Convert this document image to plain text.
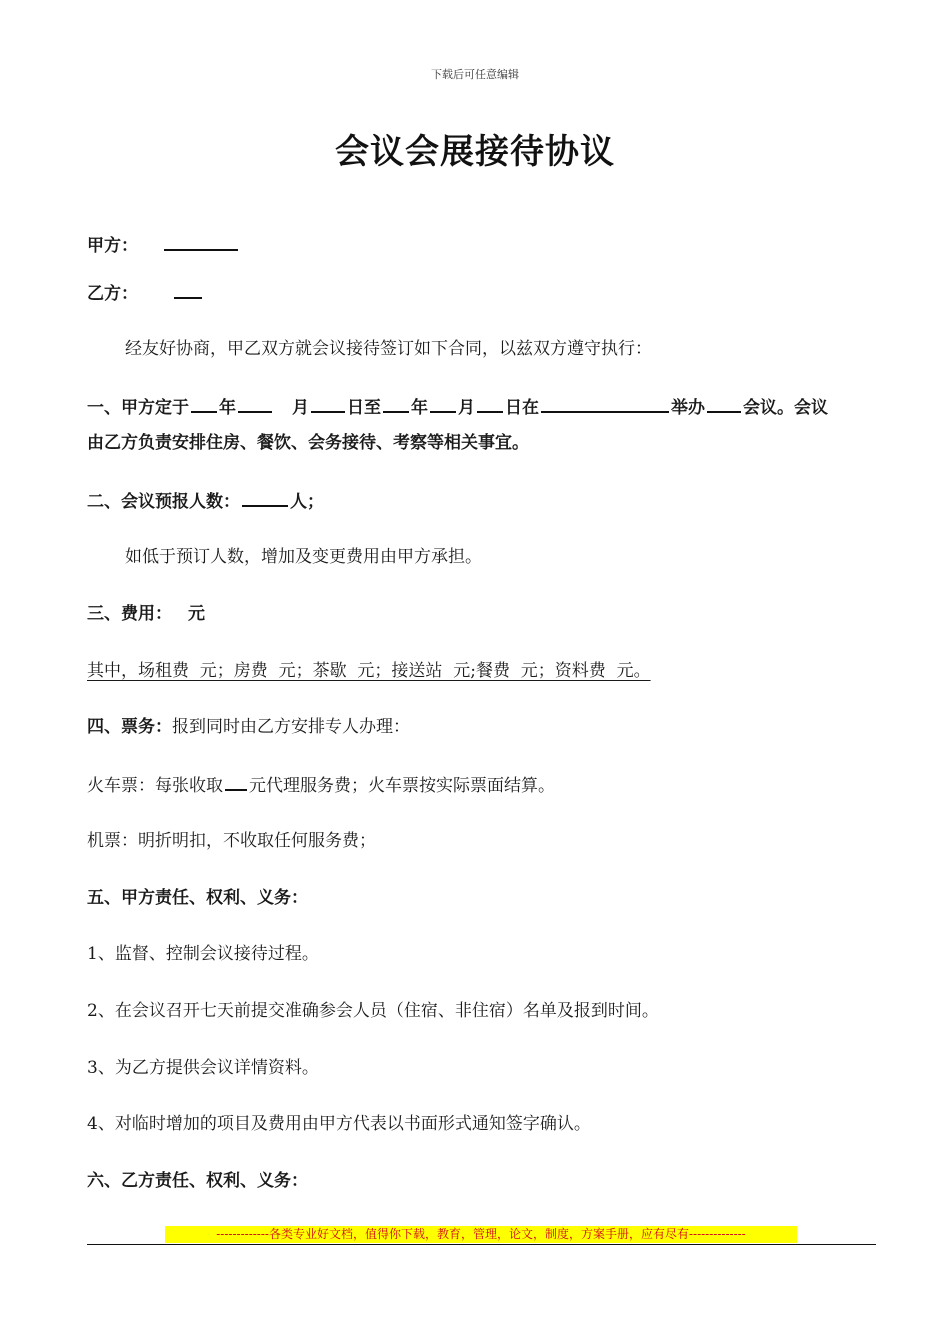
下载后可任意编辑
会议会展接待协议
甲方：
乙方：
经友好协商，甲乙双方就会议接待签订如下合同，以兹双方遵守执行：
一、甲方定于 年	月 日至 年 月 日在	举办 会议。会议
由乙方负责安排住房、餐饮、会务接待、考察等相关事宜。
二、会议预报人数：	人；
如低于预订人数，增加及变更费用由甲方承担。
三、费用： 元
其中，场租费  元；房费  元；茶歇  元；接送站  元;餐费  元；资料费  元。
四、票务：报到同时由乙方安排专人办理：
火车票：每张收取 元代理服务费；火车票按实际票面结算。
机票：明折明扣，不收取任何服务费；
五、甲方责任、权利、义务：
1、监督、控制会议接待过程。
2、在会议召开七天前提交准确参会人员（住宿、非住宿）名单及报到时间。
3、为乙方提供会议详情资料。
4、对临时增加的项目及费用由甲方代表以书面形式通知签字确认。
六、乙方责任、权利、义务：
-------------各类专业好文档，值得你下载，教育，管理，论文，制度，方案手册，应有尽有--------------
